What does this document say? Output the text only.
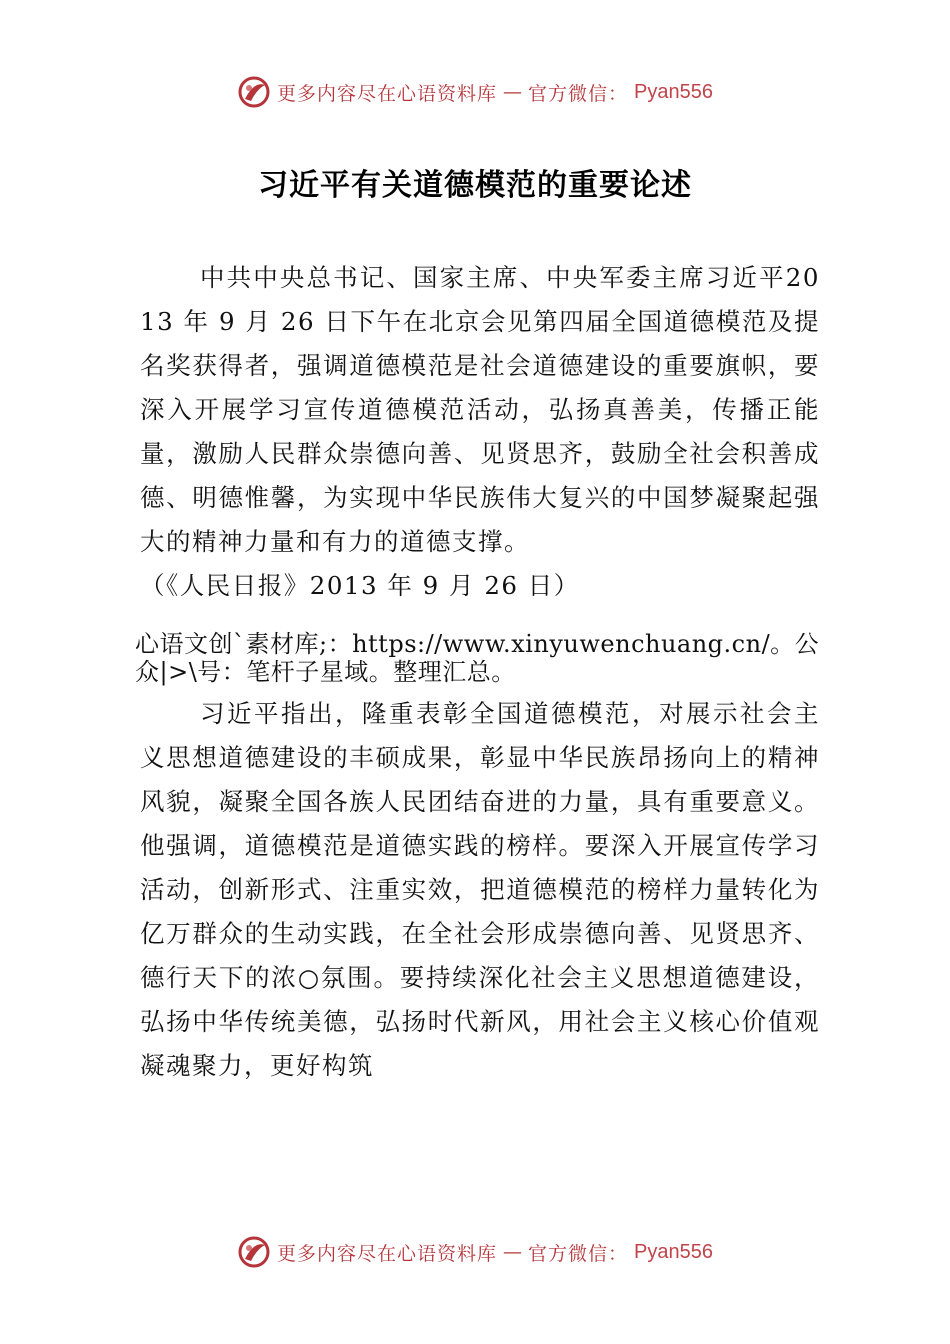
更多内容尽在心语资料库 — 官方微信： Pyan556
习近平有关道德模范的重要论述
中共中央总书记、国家主席、中央军委主席习近平2013 年 9 月 26 日下午在北京会见第四届全国道德模范及提名奖获得者，强调道德模范是社会道德建设的重要旗帜，要深入开展学习宣传道德模范活动，弘扬真善美，传播正能量，激励人民群众崇德向善、见贤思齐，鼓励全社会积善成德、明德惟馨，为实现中华民族伟大复兴的中国梦凝聚起强大的精神力量和有力的道德支撑。
（《人民日报》2013 年 9 月 26 日）
心语文创`素材库;：https://www.xinyuwenchuang.cn/。公众|>\号：笔杆子星域。整理汇总。
习近平指出，隆重表彰全国道德模范，对展示社会主义思想道德建设的丰硕成果，彰显中华民族昂扬向上的精神风貌，凝聚全国各族人民团结奋进的力量，具有重要意义。他强调，道德模范是道德实践的榜样。要深入开展宣传学习活动，创新形式、注重实效，把道德模范的榜样力量转化为亿万群众的生动实践，在全社会形成崇德向善、见贤思齐、德行天下的浓○氛围。要持续深化社会主义思想道德建设，弘扬中华传统美德，弘扬时代新风，用社会主义核心价值观凝魂聚力，更好构筑
更多内容尽在心语资料库 — 官方微信： Pyan556
